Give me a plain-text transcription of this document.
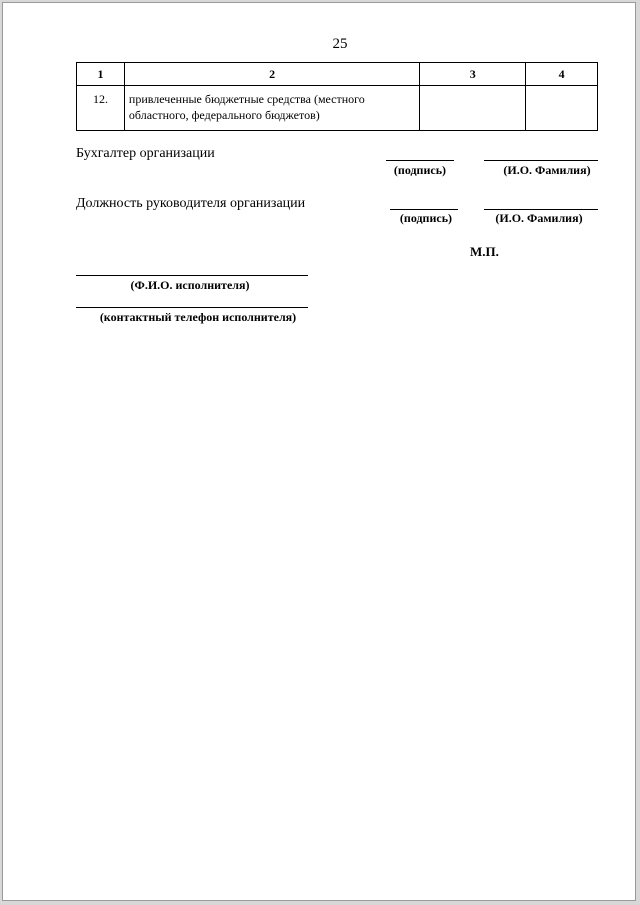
25
1	2	3	4
12.	привлеченные бюджетные средства (местного
областного, федерального бюджетов)		

Бухгалтер организации
(подпись)	(И.О. Фамилия)
Должность руководителя организации
(подпись)	(И.О. Фамилия)
М.П.
(Ф.И.О. исполнителя)
(контактный телефон исполнителя)
